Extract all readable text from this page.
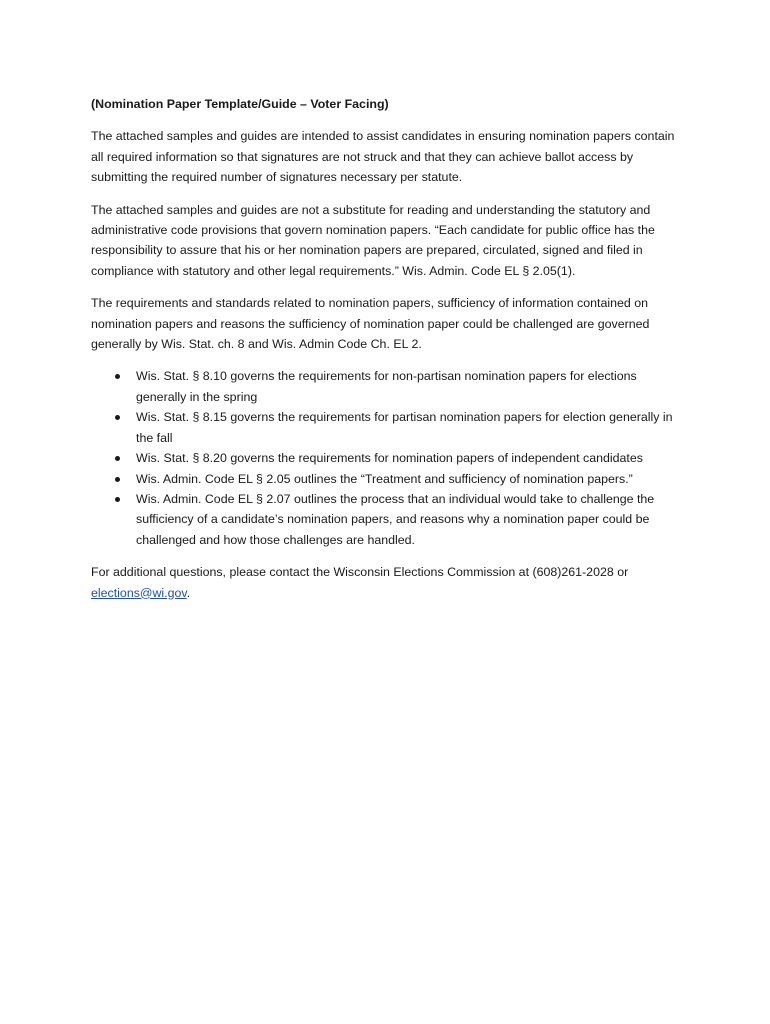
(Nomination Paper Template/Guide – Voter Facing)

The attached samples and guides are intended to assist candidates in ensuring nomination papers contain all required information so that signatures are not struck and that they can achieve ballot access by submitting the required number of signatures necessary per statute.

The attached samples and guides are not a substitute for reading and understanding the statutory and administrative code provisions that govern nomination papers. “Each candidate for public office has the responsibility to assure that his or her nomination papers are prepared, circulated, signed and filed in compliance with statutory and other legal requirements.” Wis. Admin. Code EL § 2.05(1).

The requirements and standards related to nomination papers, sufficiency of information contained on nomination papers and reasons the sufficiency of nomination paper could be challenged are governed generally by Wis. Stat. ch. 8 and Wis. Admin Code Ch. EL 2.

Wis. Stat. § 8.10 governs the requirements for non-partisan nomination papers for elections generally in the spring
Wis. Stat. § 8.15 governs the requirements for partisan nomination papers for election generally in the fall
Wis. Stat. § 8.20 governs the requirements for nomination papers of independent candidates
Wis. Admin. Code EL § 2.05 outlines the “Treatment and sufficiency of nomination papers.”
Wis. Admin. Code EL § 2.07 outlines the process that an individual would take to challenge the sufficiency of a candidate’s nomination papers, and reasons why a nomination paper could be challenged and how those challenges are handled.

For additional questions, please contact the Wisconsin Elections Commission at (608)261-2028 or elections@wi.gov.
